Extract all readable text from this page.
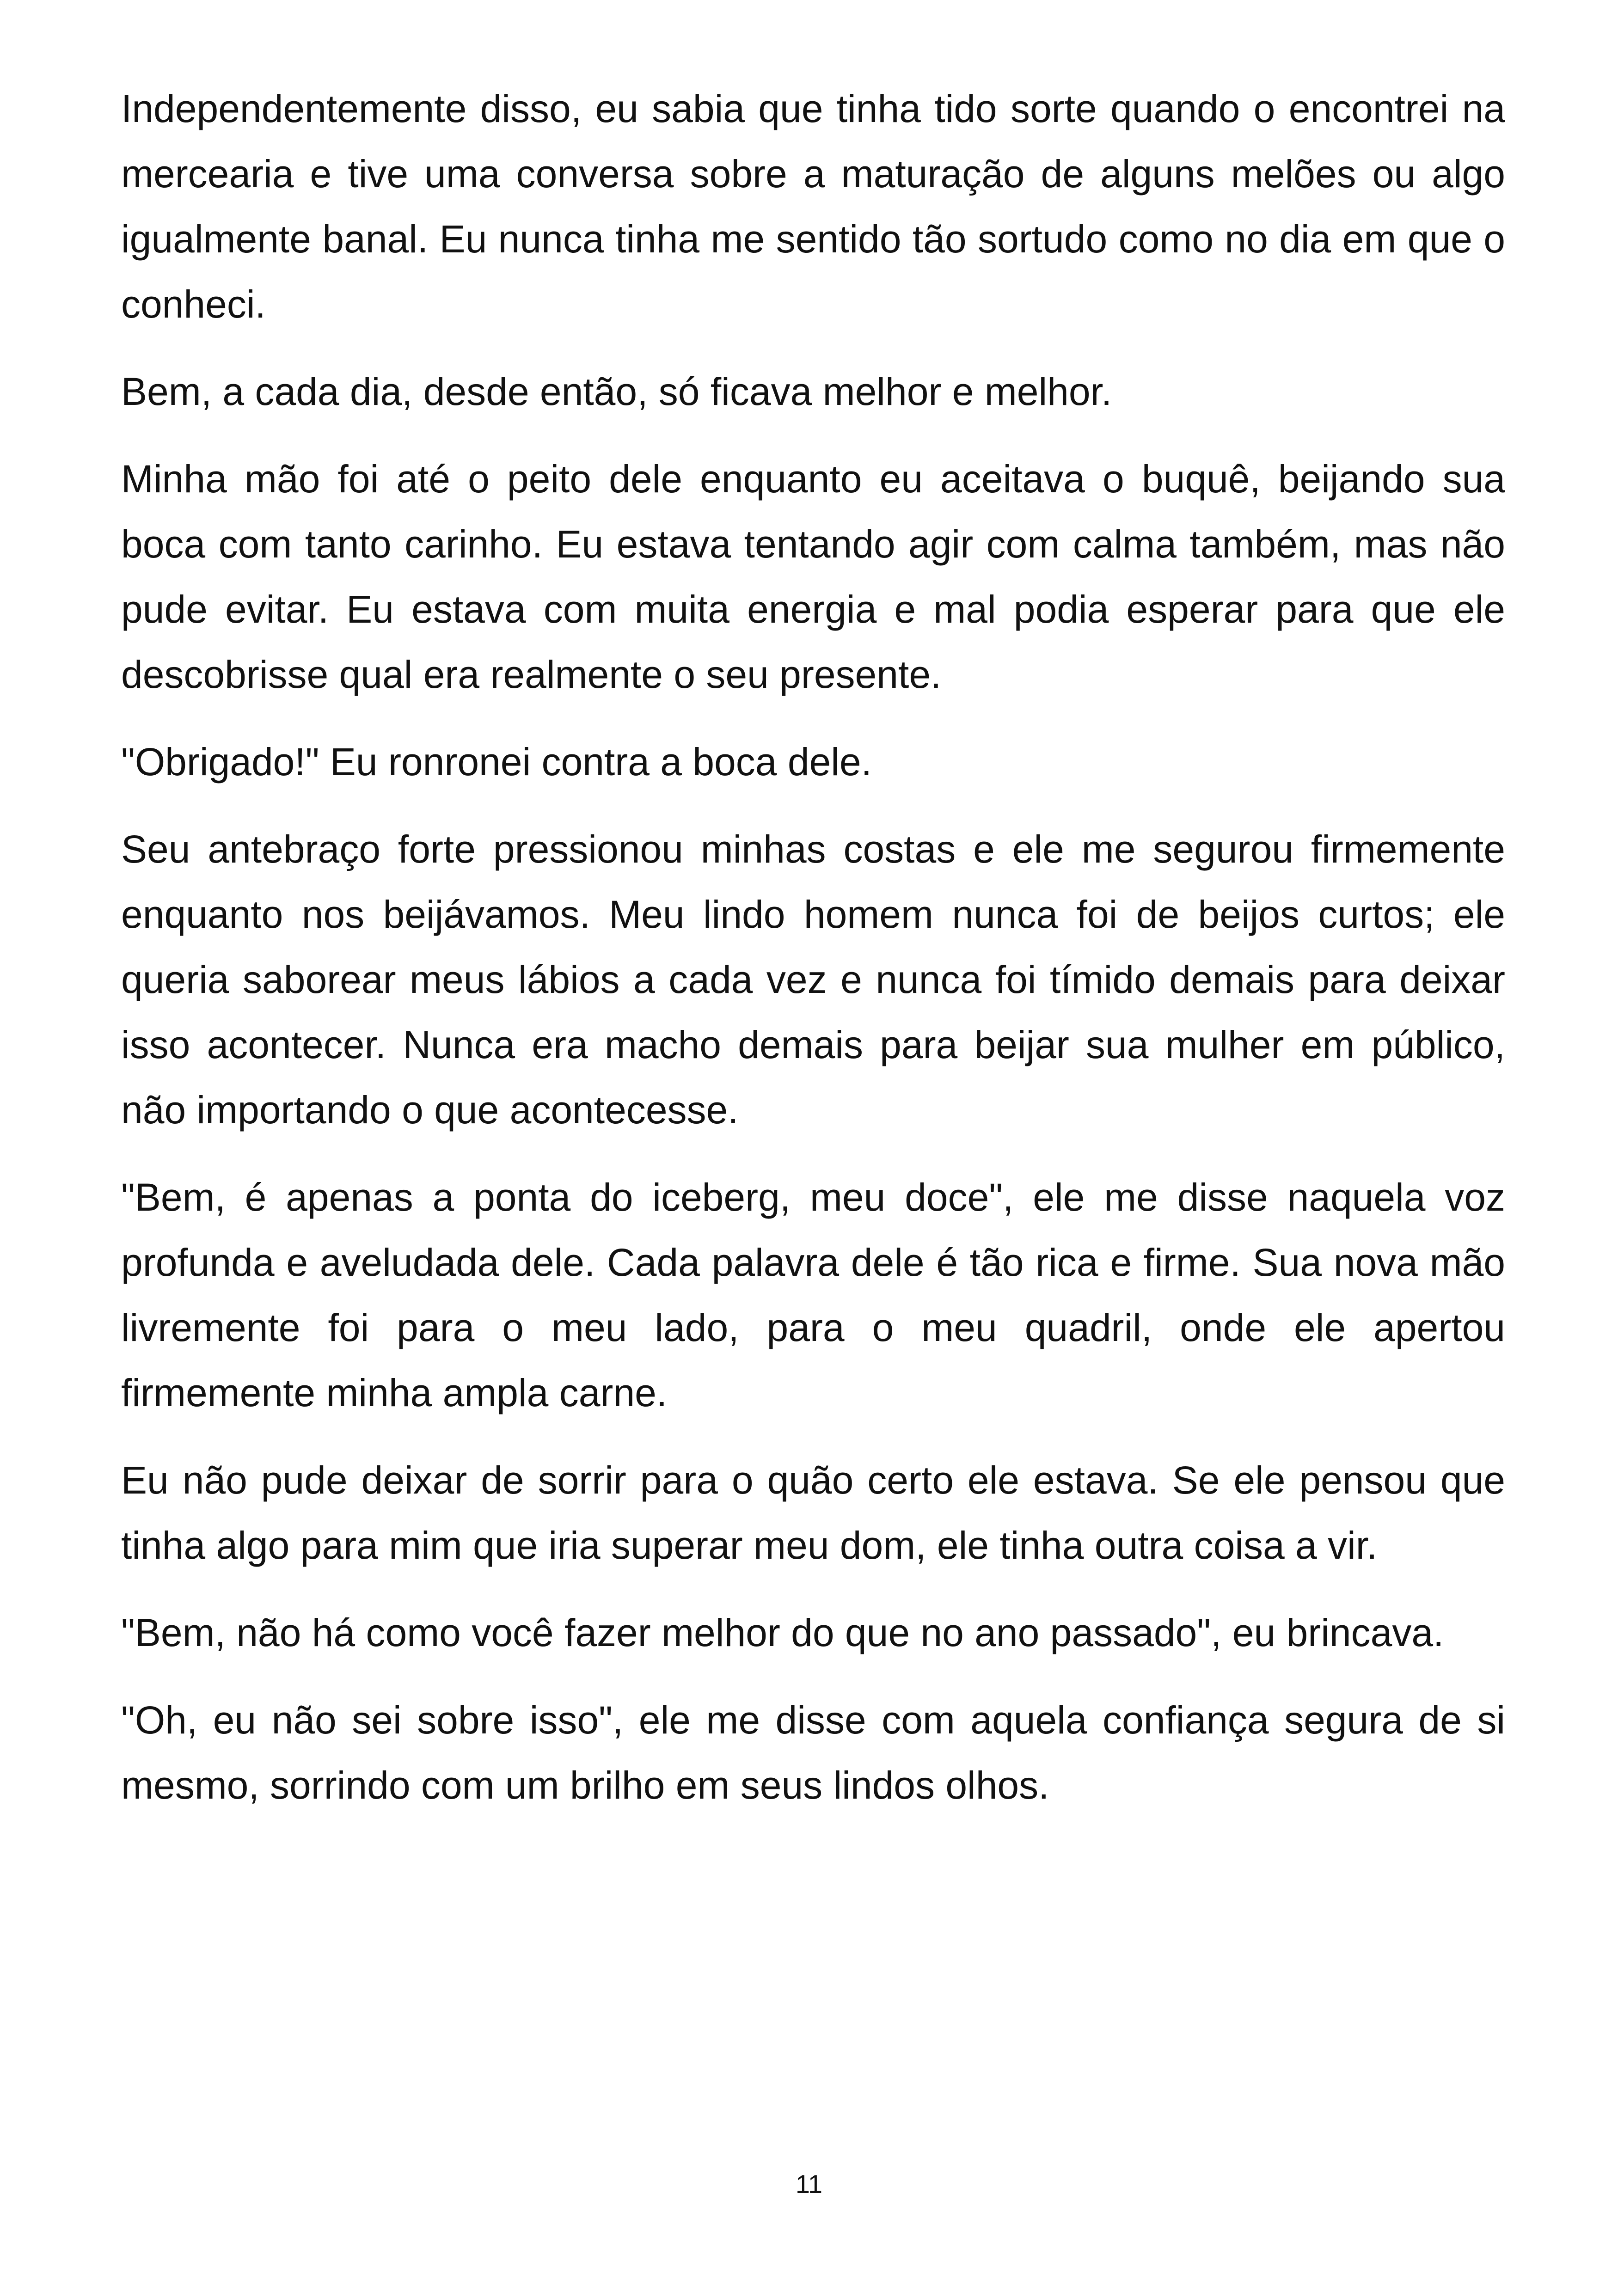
Independentemente disso, eu sabia que tinha tido sorte quando o encontrei na mercearia e tive uma conversa sobre a maturação de alguns melões ou algo igualmente banal. Eu nunca tinha me sentido tão sortudo como no dia em que o conheci.

Bem, a cada dia, desde então, só ficava melhor e melhor.

Minha mão foi até o peito dele enquanto eu aceitava o buquê, beijando sua boca com tanto carinho. Eu estava tentando agir com calma também, mas não pude evitar. Eu estava com muita energia e mal podia esperar para que ele descobrisse qual era realmente o seu presente.

"Obrigado!" Eu ronronei contra a boca dele.

Seu antebraço forte pressionou minhas costas e ele me segurou firmemente enquanto nos beijávamos. Meu lindo homem nunca foi de beijos curtos; ele queria saborear meus lábios a cada vez e nunca foi tímido demais para deixar isso acontecer. Nunca era macho demais para beijar sua mulher em público, não importando o que acontecesse.

"Bem, é apenas a ponta do iceberg, meu doce", ele me disse naquela voz profunda e aveludada dele. Cada palavra dele é tão rica e firme. Sua nova mão livremente foi para o meu lado, para o meu quadril, onde ele apertou firmemente minha ampla carne.

Eu não pude deixar de sorrir para o quão certo ele estava. Se ele pensou que tinha algo para mim que iria superar meu dom, ele tinha outra coisa a vir.

"Bem, não há como você fazer melhor do que no ano passado", eu brincava.

"Oh, eu não sei sobre isso", ele me disse com aquela confiança segura de si mesmo, sorrindo com um brilho em seus lindos olhos.

11
